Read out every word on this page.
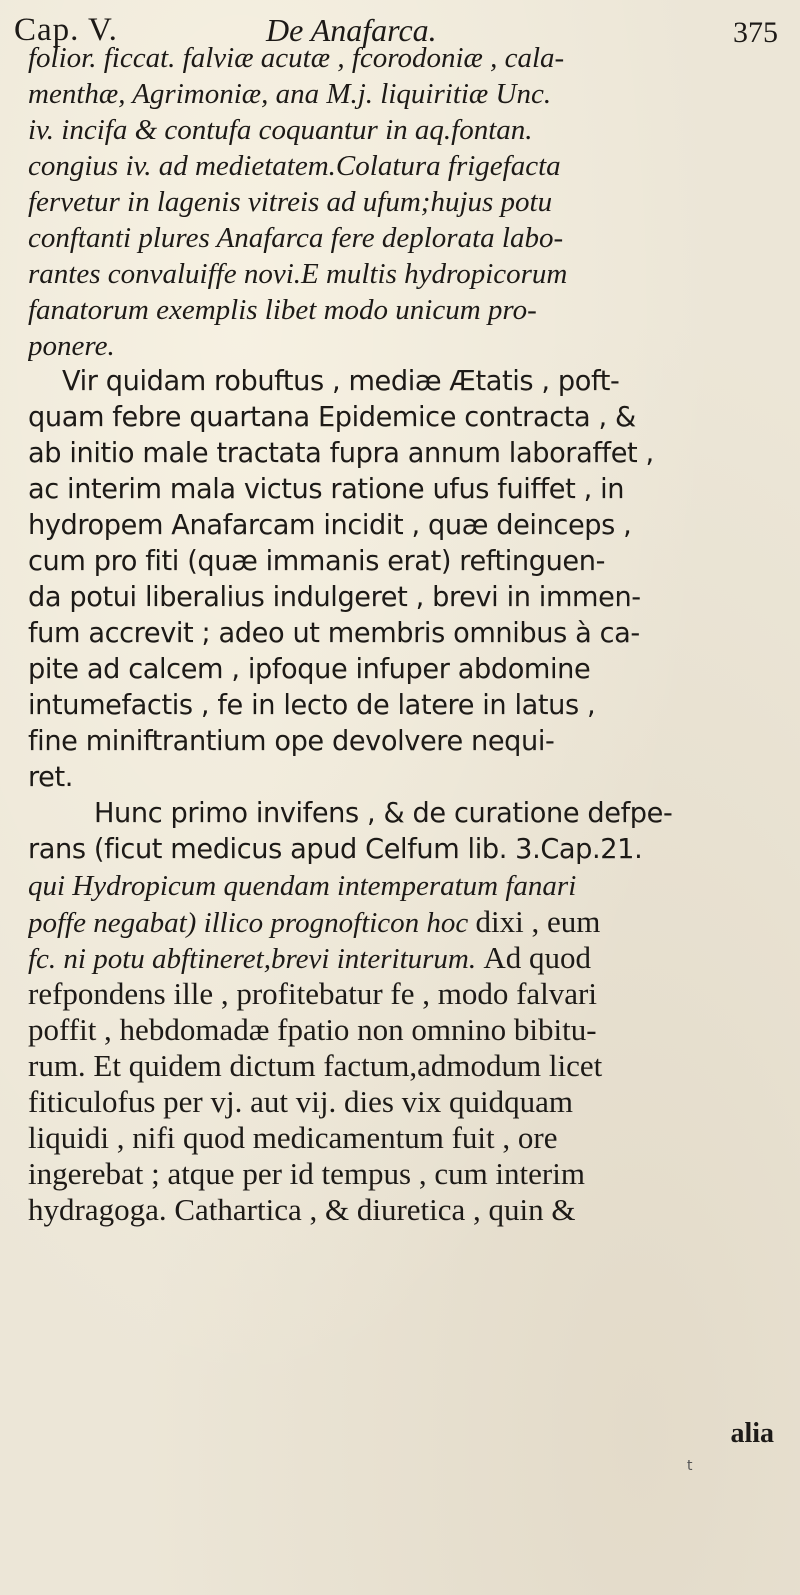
Cap. V.	De Anafarca.	375
folior. ficcat. falviæ acutæ , fcorodoniæ , cala-
menthæ, Agrimoniæ, ana M.j. liquiritiæ Unc.
iv. incifa & contufa coquantur in aq.fontan.
congius iv. ad medietatem.Colatura frigefacta
fervetur in lagenis vitreis ad ufum;hujus potu
conftanti plures Anafarca fere deplorata labo-
rantes convaluiffe novi.E multis hydropicorum
fanatorum exemplis libet modo unicum pro-
ponere.
Vir quidam robuftus , mediæ Ætatis , poft-
quam febre quartana Epidemice contracta , &
ab initio male tractata fupra annum laboraffet ,
ac interim mala victus ratione ufus fuiffet , in
hydropem Anafarcam incidit , quæ deinceps ,
cum pro fiti (quæ immanis erat) reftinguen-
da potui liberalius indulgeret , brevi in immen-
fum accrevit ; adeo ut membris omnibus à ca-
pite ad calcem , ipfoque infuper abdomine
intumefactis , fe in lecto de latere in latus ,
fine miniftrantium ope devolvere nequi-
ret.
Hunc primo invifens , & de curatione defpe-
rans (ficut medicus apud Celfum lib. 3.Cap.21.
qui Hydropicum quendam intemperatum fanari
poffe negabat) illico prognofticon hoc dixi , eum
fc. ni potu abftineret,brevi interiturum. Ad quod
refpondens ille , profitebatur fe , modo falvari
poffit , hebdomadæ fpatio non omnino bibitu-
rum. Et quidem dictum factum,admodum licet
fiticulofus per vj. aut vij. dies vix quidquam
liquidi , nifi quod medicamentum fuit , ore
ingerebat ; atque per id tempus , cum interim
hydragoga. Cathartica , & diuretica , quin &
alia
t
